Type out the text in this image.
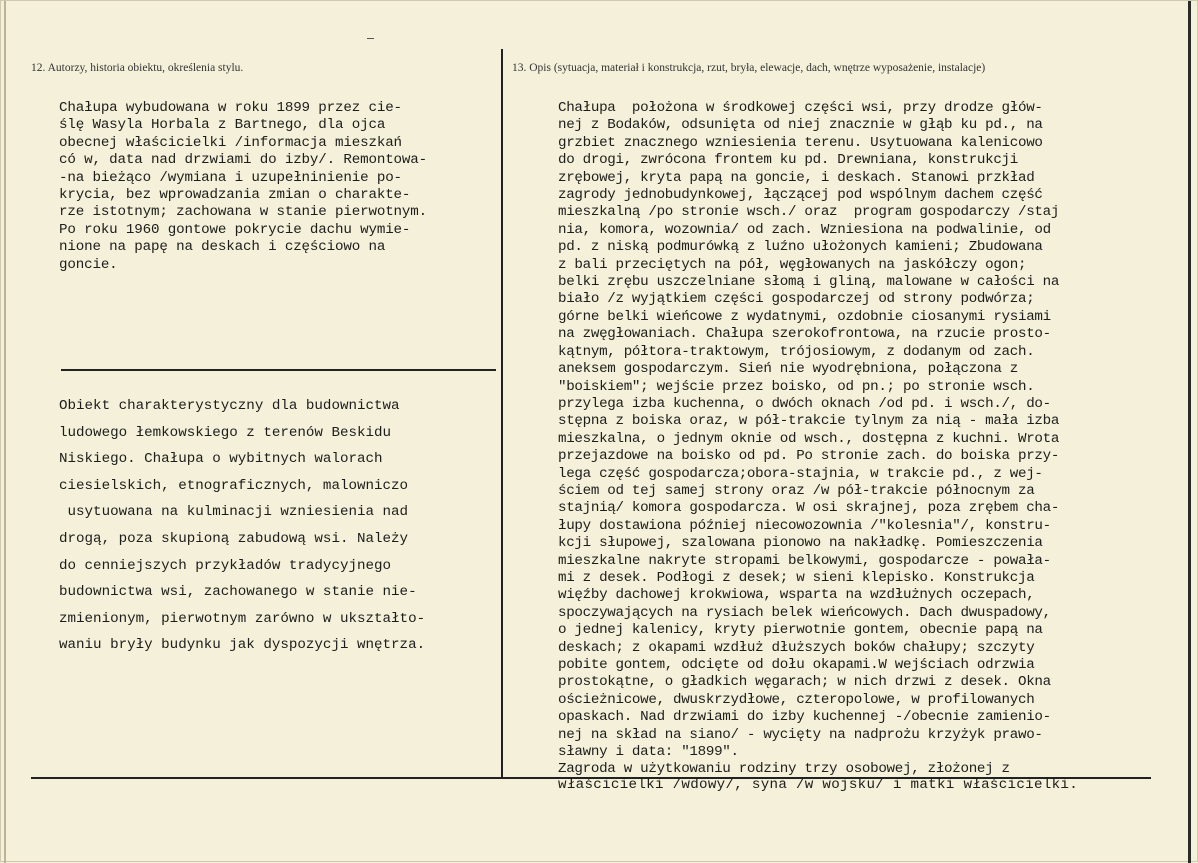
12. Autorzy, historia obiektu, określenia stylu.	13. Opis (sytuacja, materiał i konstrukcja, rzut, bryła, elewacje, dach, wnętrze wyposażenie, instalacje)
Chałupa wybudowana w roku 1899 przez cie-
ślę Wasyla Horbala z Bartnego, dla ojca
obecnej właścicielki /informacja mieszkań
có w, data nad drzwiami do izby/. Remontowa-
-na bieżąco /wymiana i uzupełninienie po-
krycia, bez wprowadzania zmian o charakte-
rze istotnym; zachowana w stanie pierwotnym.
Po roku 1960 gontowe pokrycie dachu wymie-
nione na papę na deskach i częściowo na
goncie.
Obiekt charakterystyczny dla budownictwa
ludowego łemkowskiego z terenów Beskidu
Niskiego. Chałupa o wybitnych walorach
ciesielskich, etnograficznych, malowniczo
usytuowana na kulminacji wzniesienia nad
drogą, poza skupioną zabudową wsi. Należy
do cenniejszych przykładów tradycyjnego
budownictwa wsi, zachowanego w stanie nie-
zmienionym, pierwotnym zarówno w ukształto-
waniu bryły budynku jak dyspozycji wnętrza.
Chałupa  położona w środkowej części wsi, przy drodze głów-
nej z Bodaków, odsunięta od niej znacznie w głąb ku pd., na
grzbiet znacznego wzniesienia terenu. Usytuowana kalenicowo
do drogi, zwrócona frontem ku pd. Drewniana, konstrukcji
zrębowej, kryta papą na goncie, i deskach. Stanowi przkład
zagrody jednobudynkowej, łączącej pod wspólnym dachem część
mieszkalną /po stronie wsch./ oraz  program gospodarczy /staj
nia, komora, wozownia/ od zach. Wzniesiona na podwalinie, od
pd. z niską podmurówką z luźno ułożonych kamieni; Zbudowana
z bali przeciętych na pół, węgłowanych na jaskółczy ogon;
belki zrębu uszczelniane słomą i gliną, malowane w całości na
biało /z wyjątkiem części gospodarczej od strony podwórza;
górne belki wieńcowe z wydatnymi, ozdobnie ciosanymi rysiami
na zwęgłowaniach. Chałupa szerokofrontowa, na rzucie prosto-
kątnym, półtora-traktowym, trójosiowym, z dodanym od zach.
aneksem gospodarczym. Sień nie wyodrębniona, połączona z
"boiskiem"; wejście przez boisko, od pn.; po stronie wsch.
przylega izba kuchenna, o dwóch oknach /od pd. i wsch./, do-
stępna z boiska oraz, w pół-trakcie tylnym za nią - mała izba
mieszkalna, o jednym oknie od wsch., dostępna z kuchni. Wrota
przejazdowe na boisko od pd. Po stronie zach. do boiska przy-
lega część gospodarcza;obora-stajnia, w trakcie pd., z wej-
ściem od tej samej strony oraz /w pół-trakcie północnym za
stajnią/ komora gospodarcza. W osi skrajnej, poza zrębem cha-
łupy dostawiona później niecowozownia /"kolesnia"/, konstru-
kcji słupowej, szalowana pionowo na nakładkę. Pomieszczenia
mieszkalne nakryte stropami belkowymi, gospodarcze - powała-
mi z desek. Podłogi z desek; w sieni klepisko. Konstrukcja
więźby dachowej krokwiowa, wsparta na wzdłużnych oczepach,
spoczywających na rysiach belek wieńcowych. Dach dwuspadowy,
o jednej kalenicy, kryty pierwotnie gontem, obecnie papą na
deskach; z okapami wzdłuż dłuższych boków chałupy; szczyty
pobite gontem, odcięte od dołu okapami.W wejściach odrzwia
prostokątne, o gładkich węgarach; w nich drzwi z desek. Okna
ościeżnicowe, dwuskrzydłowe, czteropolowe, w profilowanych
opaskach. Nad drzwiami do izby kuchennej -/obecnie zamienio-
nej na skład na siano/ - wycięty na nadprożu krzyżyk prawo-
sławny i data: "1899".
Zagroda w użytkowaniu rodziny trzy osobowej, złożonej z
właścicielki /wdowy/, syna /w wojsku/ i matki właścicielki.
